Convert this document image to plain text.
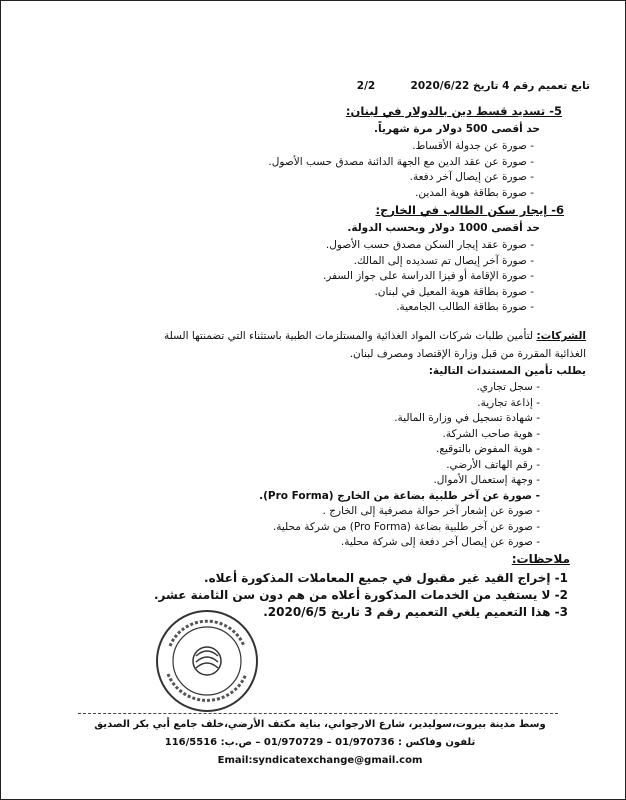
تابع تعميم رقم 4 تاريخ 2020/6/22  2/2
5- تسديد قسط دين بالدولار في لبنان:
حد أقصى 500 دولار مرة شهرياً.
- صورة عن جدولة الأقساط.
- صورة عن عقد الدين مع الجهة الدائنة مصدق حسب الأصول.
- صورة عن إيصال آخر دفعة.
- صورة بطاقة هوية المدين.
6- إيجار سكن الطالب في الخارج:
حد أقصى 1000 دولار وبحسب الدولة.
- صورة عقد إيجار السكن مصدق حسب الأصول.
- صورة آخر إيصال تم تسديده إلى المالك.
- صورة الإقامة أو فيزا الدراسة على جواز السفر.
- صورة بطاقة هوية المعيل في لبنان.
- صورة بطاقة الطالب الجامعية.
الشركات: لتأمين طلبات شركات المواد الغذائية والمستلزمات الطبية باستثناء التي تضمنتها السلة
الغذائية المقررة من قبل وزارة الإقتصاد ومصرف لبنان.
يطلب تأمين المستندات التالية:
- سجل تجاري.
- إذاعة تجارية.
- شهادة تسجيل في وزارة المالية.
- هوية صاحب الشركة.
- هوية المفوض بالتوقيع.
- رقم الهاتف الأرضي.
- وجهة إستعمال الأموال.
- صورة عن آخر طلبية بضاعة من الخارج (Pro Forma).
- صورة عن إشعار آخر حوالة مصرفية إلى الخارج .
- صورة عن آخر طلبية بضاعة (Pro Forma) من شركة محلية.
- صورة عن إيصال آخر دفعة إلى شركة محلية.
ملاحظات:
1- إخراج القيد غير مقبول في جميع المعاملات المذكورة أعلاه.
2- لا يستفيد من الخدمات المذكورة أعلاه من هم دون سن الثامنة عشر.
3- هذا التعميم يلغي التعميم رقم 3 تاريخ 2020/6/5.
وسط مدينة بيروت،سوليدير، شارع الارجواني، بناية مكتف الأرضي،خلف جامع أبي بكر الصديق
تلفون وفاكس : 01/970736 – 01/970729 – ص.ب: 116/5516
Email:syndicatexchange@gmail.com
